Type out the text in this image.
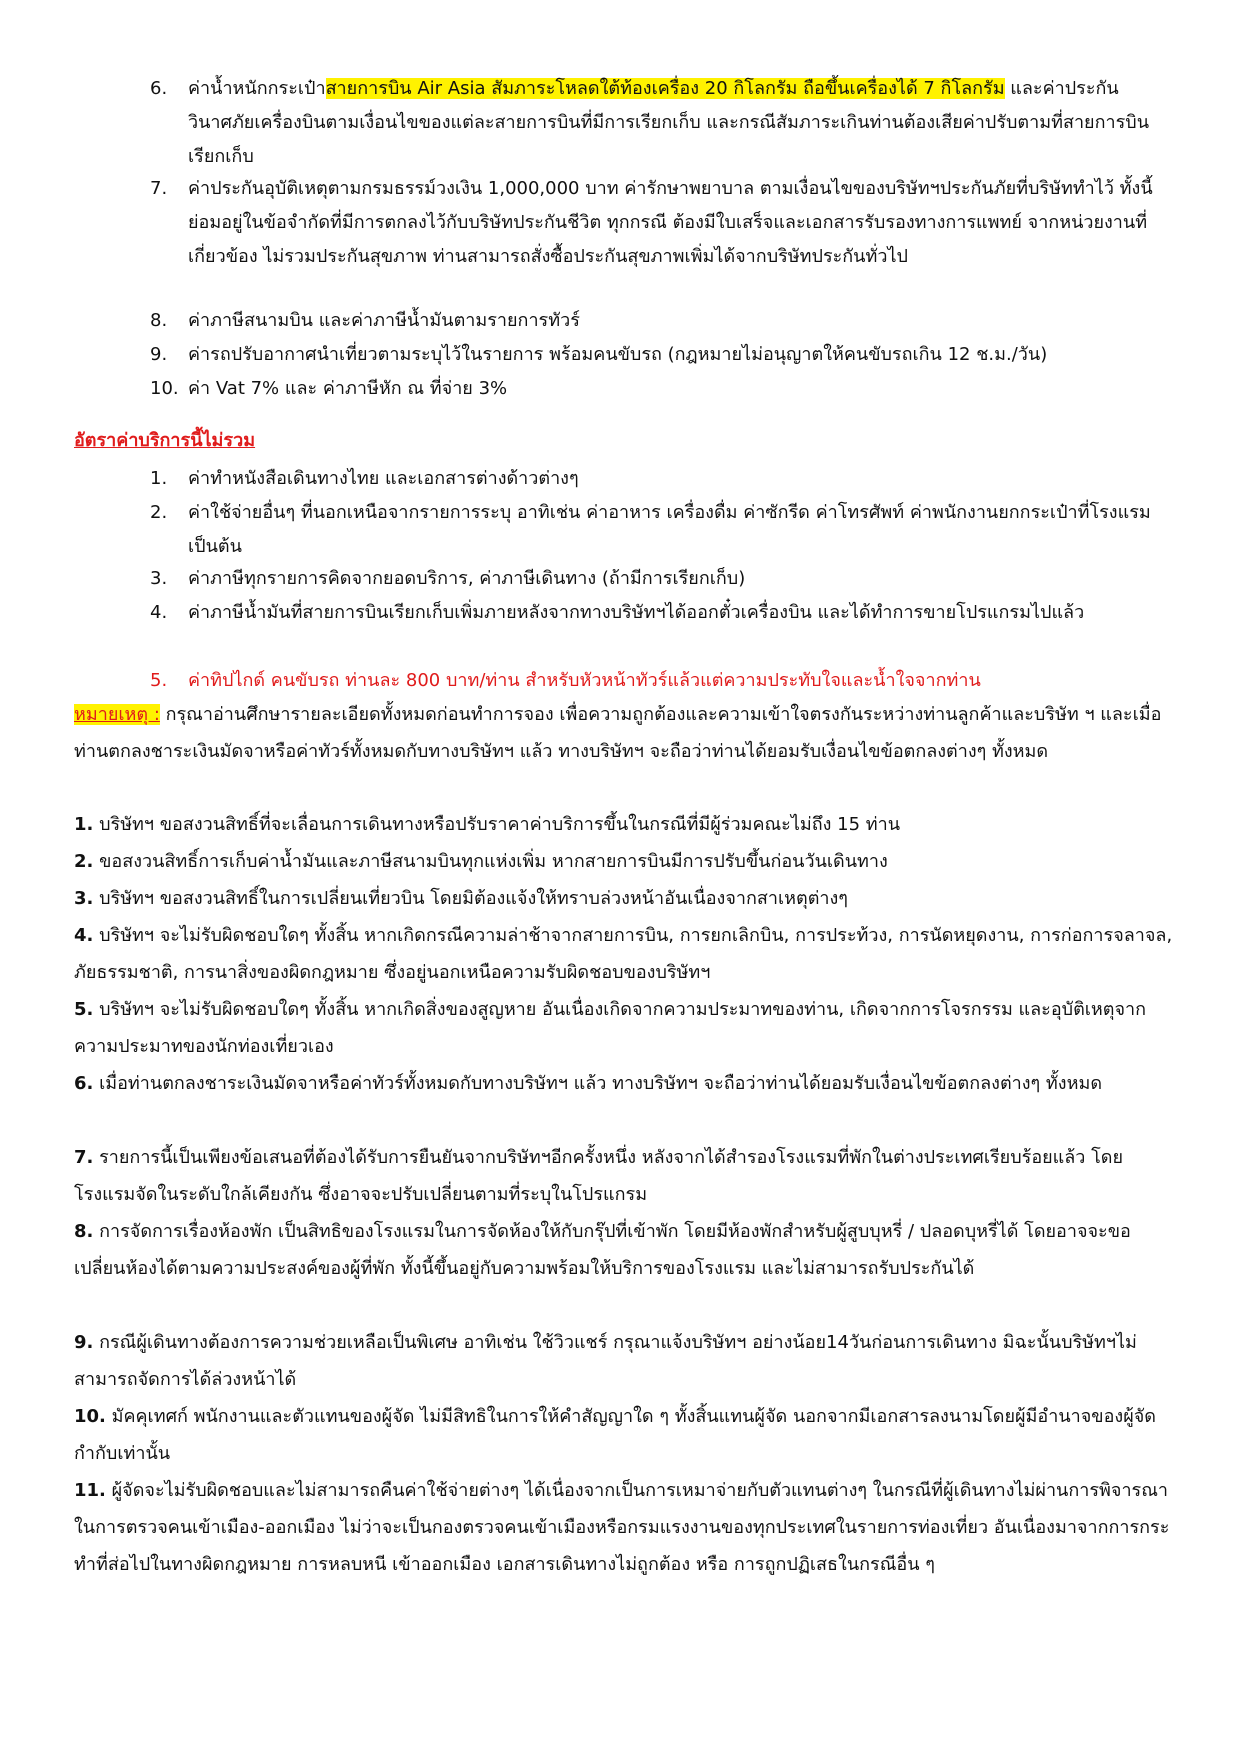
6.	ค่าน้ำหนักกระเป๋าสายการบิน Air Asia สัมภาระโหลดใต้ท้องเครื่อง 20 กิโลกรัม ถือขึ้นเครื่องได้ 7 กิโลกรัม และค่าประกันวินาศภัยเครื่องบินตามเงื่อนไขของแต่ละสายการบินที่มีการเรียกเก็บ และกรณีสัมภาระเกินท่านต้องเสียค่าปรับตามที่สายการบินเรียกเก็บ
7.	ค่าประกันอุบัติเหตุตามกรมธรรม์วงเงิน 1,000,000 บาท ค่ารักษาพยาบาล ตามเงื่อนไขของบริษัทฯประกันภัยที่บริษัททำไว้ ทั้งนี้ย่อมอยู่ในข้อจำกัดที่มีการตกลงไว้กับบริษัทประกันชีวิต ทุกกรณี ต้องมีใบเสร็จและเอกสารรับรองทางการแพทย์ จากหน่วยงานที่เกี่ยวข้อง ไม่รวมประกันสุขภาพ ท่านสามารถสั่งซื้อประกันสุขภาพเพิ่มได้จากบริษัทประกันทั่วไป
8.	ค่าภาษีสนามบิน และค่าภาษีน้ำมันตามรายการทัวร์
9.	ค่ารถปรับอากาศนำเที่ยวตามระบุไว้ในรายการ พร้อมคนขับรถ (กฎหมายไม่อนุญาตให้คนขับรถเกิน 12 ช.ม./วัน)
10. ค่า Vat 7% และ ค่าภาษีหัก ณ ที่จ่าย 3%
อัตราค่าบริการนี้ไม่รวม
1.	ค่าทำหนังสือเดินทางไทย และเอกสารต่างด้าวต่างๆ
2.	ค่าใช้จ่ายอื่นๆ ที่นอกเหนือจากรายการระบุ อาทิเช่น ค่าอาหาร เครื่องดื่ม ค่าซักรีด ค่าโทรศัพท์ ค่าพนักงานยกกระเป๋าที่โรงแรม เป็นต้น
3.	ค่าภาษีทุกรายการคิดจากยอดบริการ, ค่าภาษีเดินทาง (ถ้ามีการเรียกเก็บ)
4.	ค่าภาษีน้ำมันที่สายการบินเรียกเก็บเพิ่มภายหลังจากทางบริษัทฯได้ออกตั๋วเครื่องบิน และได้ทำการขายโปรแกรมไปแล้ว
5.	ค่าทิปไกด์ คนขับรถ ท่านละ 800 บาท/ท่าน สำหรับหัวหน้าทัวร์แล้วแต่ความประทับใจและน้ำใจจากท่าน
หมายเหตุ : กรุณาอ่านศึกษารายละเอียดทั้งหมดก่อนทำการจอง เพื่อความถูกต้องและความเข้าใจตรงกันระหว่างท่านลูกค้าและบริษัท ฯ และเมื่อท่านตกลงชาระเงินมัดจาหรือค่าทัวร์ทั้งหมดกับทางบริษัทฯ แล้ว ทางบริษัทฯ จะถือว่าท่านได้ยอมรับเงื่อนไขข้อตกลงต่างๆ ทั้งหมด
1. บริษัทฯ ขอสงวนสิทธิ์ที่จะเลื่อนการเดินทางหรือปรับราคาค่าบริการขึ้นในกรณีที่มีผู้ร่วมคณะไม่ถึง 15 ท่าน
2. ขอสงวนสิทธิ์การเก็บค่าน้ำมันและภาษีสนามบินทุกแห่งเพิ่ม หากสายการบินมีการปรับขึ้นก่อนวันเดินทาง
3. บริษัทฯ ขอสงวนสิทธิ์ในการเปลี่ยนเที่ยวบิน โดยมิต้องแจ้งให้ทราบล่วงหน้าอันเนื่องจากสาเหตุต่างๆ
4. บริษัทฯ จะไม่รับผิดชอบใดๆ ทั้งสิ้น หากเกิดกรณีความล่าช้าจากสายการบิน, การยกเลิกบิน, การประท้วง, การนัดหยุดงาน, การก่อการจลาจล, ภัยธรรมชาติ, การนาสิ่งของผิดกฎหมาย ซึ่งอยู่นอกเหนือความรับผิดชอบของบริษัทฯ
5. บริษัทฯ จะไม่รับผิดชอบใดๆ ทั้งสิ้น หากเกิดสิ่งของสูญหาย อันเนื่องเกิดจากความประมาทของท่าน, เกิดจากการโจรกรรม และอุบัติเหตุจากความประมาทของนักท่องเที่ยวเอง
6. เมื่อท่านตกลงชาระเงินมัดจาหรือค่าทัวร์ทั้งหมดกับทางบริษัทฯ แล้ว ทางบริษัทฯ จะถือว่าท่านได้ยอมรับเงื่อนไขข้อตกลงต่างๆ ทั้งหมด
7. รายการนี้เป็นเพียงข้อเสนอที่ต้องได้รับการยืนยันจากบริษัทฯอีกครั้งหนึ่ง หลังจากได้สำรองโรงแรมที่พักในต่างประเทศเรียบร้อยแล้ว โดยโรงแรมจัดในระดับใกล้เคียงกัน ซึ่งอาจจะปรับเปลี่ยนตามที่ระบุในโปรแกรม
8. การจัดการเรื่องห้องพัก เป็นสิทธิของโรงแรมในการจัดห้องให้กับกรุ๊ปที่เข้าพัก โดยมีห้องพักสำหรับผู้สูบบุหรี่ / ปลอดบุหรี่ได้ โดยอาจจะขอเปลี่ยนห้องได้ตามความประสงค์ของผู้ที่พัก ทั้งนี้ขึ้นอยู่กับความพร้อมให้บริการของโรงแรม และไม่สามารถรับประกันได้
9. กรณีผู้เดินทางต้องการความช่วยเหลือเป็นพิเศษ อาทิเช่น ใช้วิวแชร์ กรุณาแจ้งบริษัทฯ อย่างน้อย14วันก่อนการเดินทาง มิฉะนั้นบริษัทฯไม่สามารถจัดการได้ล่วงหน้าได้
10. มัคคุเทศก์ พนักงานและตัวแทนของผู้จัด ไม่มีสิทธิในการให้คำสัญญาใด ๆ ทั้งสิ้นแทนผู้จัด นอกจากมีเอกสารลงนามโดยผู้มีอำนาจของผู้จัดกำกับเท่านั้น
11. ผู้จัดจะไม่รับผิดชอบและไม่สามารถคืนค่าใช้จ่ายต่างๆ ได้เนื่องจากเป็นการเหมาจ่ายกับตัวแทนต่างๆ ในกรณีที่ผู้เดินทางไม่ผ่านการพิจารณาในการตรวจคนเข้าเมือง-ออกเมือง ไม่ว่าจะเป็นกองตรวจคนเข้าเมืองหรือกรมแรงงานของทุกประเทศในรายการท่องเที่ยว อันเนื่องมาจากการกระทำที่ส่อไปในทางผิดกฎหมาย การหลบหนี เข้าออกเมือง เอกสารเดินทางไม่ถูกต้อง หรือ การถูกปฏิเสธในกรณีอื่น ๆ
